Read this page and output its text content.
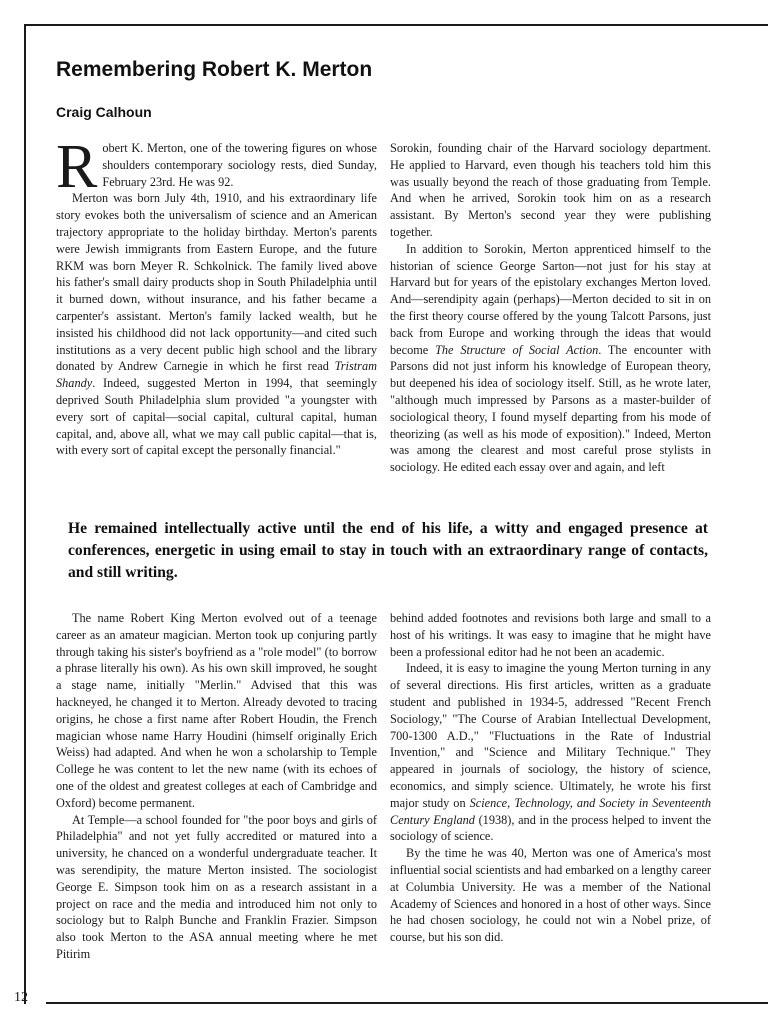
12
Remembering Robert K. Merton
Craig Calhoun

Robert K. Merton, one of the towering figures on whose shoulders contemporary sociology rests, died Sunday, February 23rd. He was 92.

Merton was born July 4th, 1910, and his extraordinary life story evokes both the universalism of science and an American trajectory appropriate to the holiday birthday. Merton's parents were Jewish immigrants from Eastern Europe, and the future RKM was born Meyer R. Schkolnick. The family lived above his father's small dairy products shop in South Philadelphia until it burned down, without insurance, and his father became a carpenter's assistant. Merton's family lacked wealth, but he insisted his childhood did not lack opportunity—and cited such institutions as a very decent public high school and the library donated by Andrew Carnegie in which he first read Tristram Shandy. Indeed, suggested Merton in 1994, that seemingly deprived South Philadelphia slum provided "a youngster with every sort of capital—social capital, cultural capital, human capital, and, above all, what we may call public capital—that is, with every sort of capital except the personally financial."

Sorokin, founding chair of the Harvard sociology department. He applied to Harvard, even though his teachers told him this was usually beyond the reach of those graduating from Temple. And when he arrived, Sorokin took him on as a research assistant. By Merton's second year they were publishing together.

In addition to Sorokin, Merton apprenticed himself to the historian of science George Sarton—not just for his stay at Harvard but for years of the epistolary exchanges Merton loved. And—serendipity again (perhaps)—Merton decided to sit in on the first theory course offered by the young Talcott Parsons, just back from Europe and working through the ideas that would become The Structure of Social Action. The encounter with Parsons did not just inform his knowledge of European theory, but deepened his idea of sociology itself. Still, as he wrote later, "although much impressed by Parsons as a master-builder of sociological theory, I found myself departing from his mode of theorizing (as well as his mode of exposition)." Indeed, Merton was among the clearest and most careful prose stylists in sociology. He edited each essay over and again, and left

He remained intellectually active until the end of his life, a witty and engaged presence at conferences, energetic in using email to stay in touch with an extraordinary range of contacts, and still writing.

The name Robert King Merton evolved out of a teenage career as an amateur magician. Merton took up conjuring partly through taking his sister's boyfriend as a "role model" (to borrow a phrase literally his own). As his own skill improved, he sought a stage name, initially "Merlin." Advised that this was hackneyed, he changed it to Merton. Already devoted to tracing origins, he chose a first name after Robert Houdin, the French magician whose name Harry Houdini (himself originally Erich Weiss) had adapted. And when he won a scholarship to Temple College he was content to let the new name (with its echoes of one of the oldest and greatest colleges at each of Cambridge and Oxford) become permanent.

At Temple—a school founded for "the poor boys and girls of Philadelphia" and not yet fully accredited or matured into a university, he chanced on a wonderful undergraduate teacher. It was serendipity, the mature Merton insisted. The sociologist George E. Simpson took him on as a research assistant in a project on race and the media and introduced him not only to sociology but to Ralph Bunche and Franklin Frazier. Simpson also took Merton to the ASA annual meeting where he met Pitirim

behind added footnotes and revisions both large and small to a host of his writings. It was easy to imagine that he might have been a professional editor had he not been an academic.

Indeed, it is easy to imagine the young Merton turning in any of several directions. His first articles, written as a graduate student and published in 1934-5, addressed "Recent French Sociology," "The Course of Arabian Intellectual Development, 700-1300 A.D.," "Fluctuations in the Rate of Industrial Invention," and "Science and Military Technique." They appeared in journals of sociology, the history of science, economics, and simply science. Ultimately, he wrote his first major study on Science, Technology, and Society in Seventeenth Century England (1938), and in the process helped to invent the sociology of science.

By the time he was 40, Merton was one of America's most influential social scientists and had embarked on a lengthy career at Columbia University. He was a member of the National Academy of Sciences and honored in a host of other ways. Since he had chosen sociology, he could not win a Nobel prize, of course, but his son did.
